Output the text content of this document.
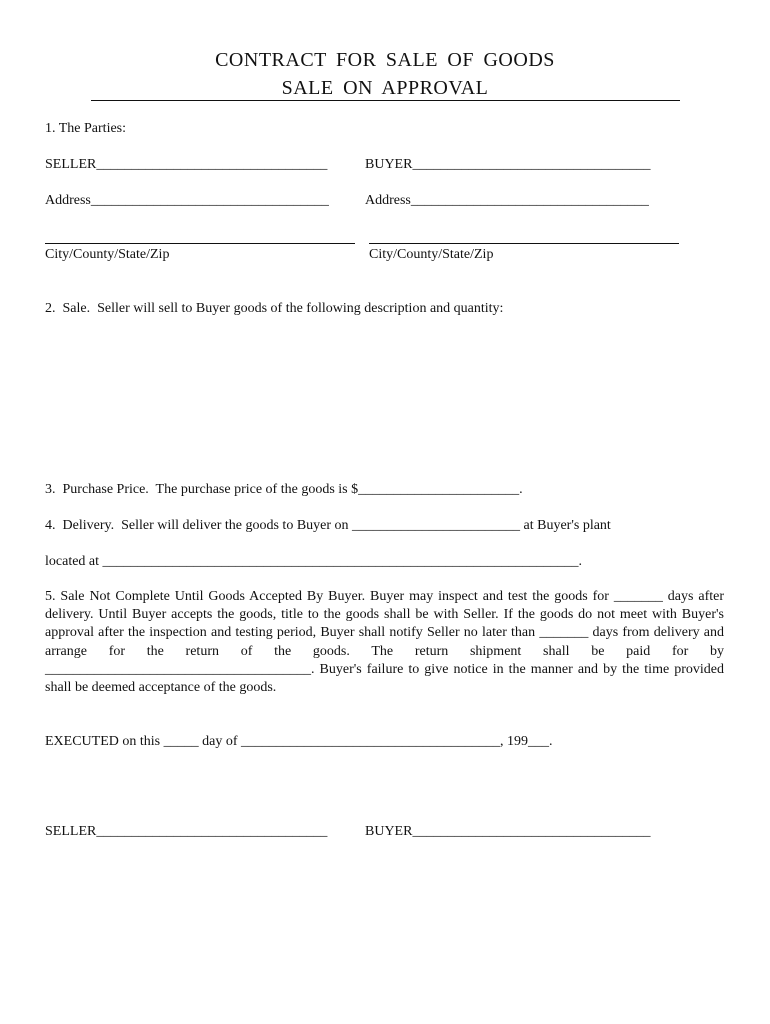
CONTRACT FOR SALE OF GOODS
SALE ON APPROVAL
1. The Parties:
SELLER_________________________________	BUYER__________________________________
Address__________________________________	Address__________________________________
City/County/State/Zip	City/County/State/Zip
2.  Sale.  Seller will sell to Buyer goods of the following description and quantity:
3.  Purchase Price.  The purchase price of the goods is $_______________________.
4.  Delivery.  Seller will deliver the goods to Buyer on ________________________ at Buyer's plant
located at ____________________________________________________________________.
5. Sale Not Complete Until Goods Accepted By Buyer. Buyer may inspect and test the goods for _______ days after delivery. Until Buyer accepts the goods, title to the goods shall be with Seller. If the goods do not meet with Buyer's approval after the inspection and testing period, Buyer shall notify Seller no later than _______ days from delivery and arrange for the return of the goods. The return shipment shall be paid for by ______________________________________. Buyer's failure to give notice in the manner and by the time provided shall be deemed acceptance of the goods.
EXECUTED on this _____ day of _____________________________________, 199___.
SELLER_________________________________	BUYER__________________________________
